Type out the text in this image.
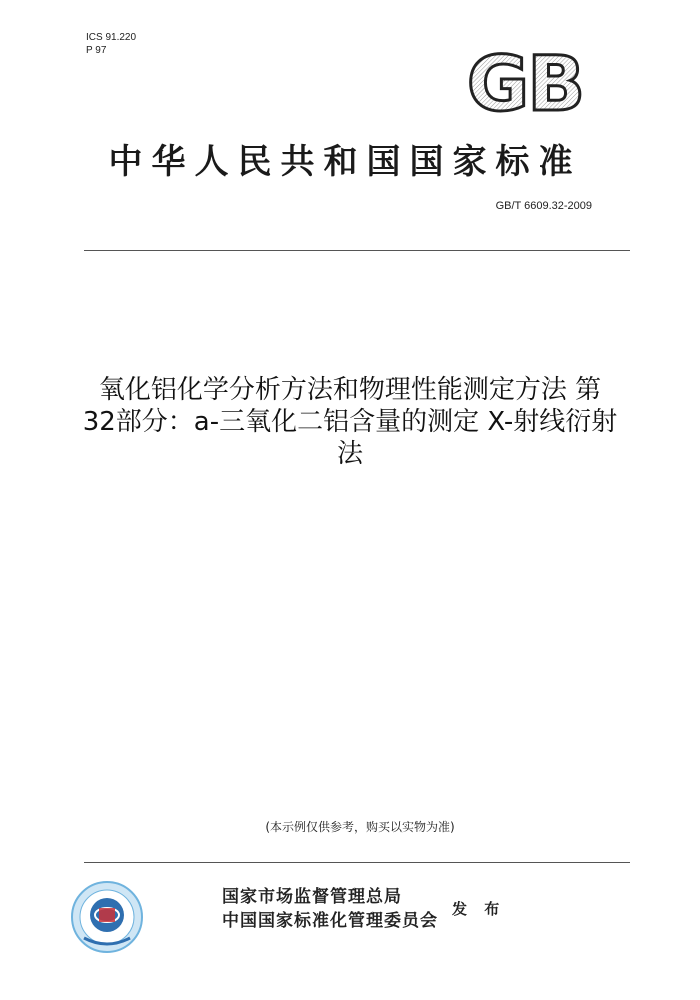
ICS 91.220
P 97	GB
中华人民共和国国家标准
GB/T 6609.32-2009
氧化铝化学分析方法和物理性能测定方法 第
32部分：a-三氧化二铝含量的测定 X-射线衍射
法
(本示例仅供参考，购买以实物为准)
国家市场监督管理总局
中国国家标准化管理委员会
发 布
